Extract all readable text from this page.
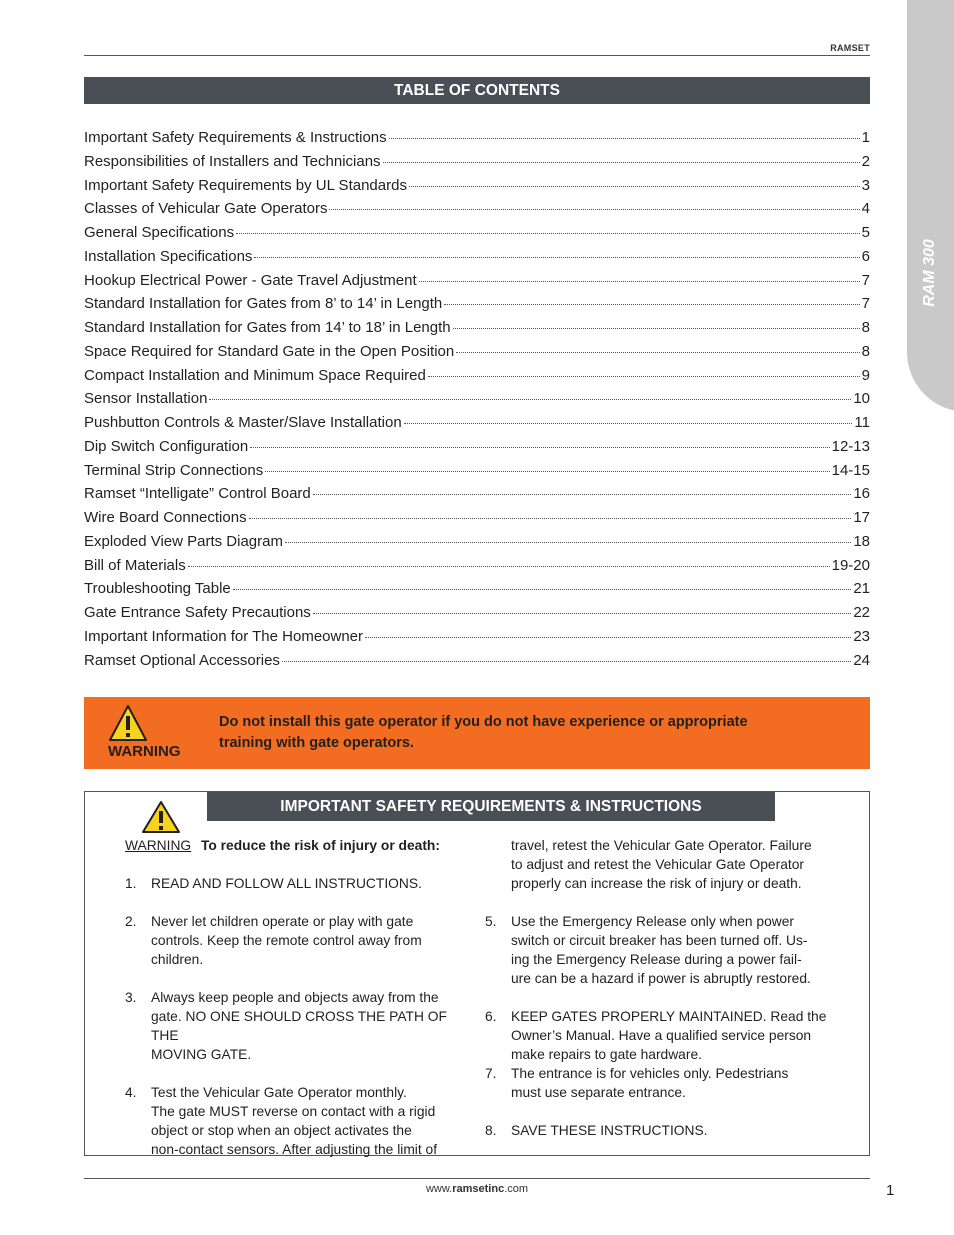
RAMSET
RAM 300
TABLE OF CONTENTS
Important Safety Requirements & Instructions	1
Responsibilities of Installers and Technicians	2
Important Safety Requirements by UL Standards	3
Classes of Vehicular Gate Operators	4
General Specifications	5
Installation Specifications	6
Hookup Electrical Power - Gate Travel Adjustment	7
Standard Installation for Gates from 8’ to 14’ in Length	7
Standard Installation for Gates from 14’ to 18’ in Length	8
Space Required for Standard Gate in the Open Position	8
Compact Installation and Minimum Space Required	9
Sensor Installation	10
Pushbutton Controls & Master/Slave Installation	11
Dip Switch Configuration	12-13
Terminal Strip Connections	14-15
Ramset “Intelligate” Control Board	16
Wire Board Connections	17
Exploded View Parts Diagram	18
Bill of Materials	19-20
Troubleshooting Table	21
Gate Entrance Safety Precautions	22
Important Information for The Homeowner	23
Ramset Optional Accessories	24
WARNING
Do not install this gate operator if you do not have experience or appropriate
training with gate operators.
IMPORTANT SAFETY REQUIREMENTS & INSTRUCTIONS
WARNING To reduce the risk of injury or death:
1.	READ AND FOLLOW ALL INSTRUCTIONS.
2.	Never let children operate or play with gate
controls. Keep the remote control away from
children.
3.	Always keep people and objects away from the
gate. NO ONE SHOULD CROSS THE PATH OF THE
MOVING GATE.
4.	Test the Vehicular Gate Operator monthly.
The gate MUST reverse on contact with a rigid
object or stop when an object activates the
non-contact sensors. After adjusting the limit of
travel, retest the Vehicular Gate Operator. Failure
to adjust and retest the Vehicular Gate Operator
properly can increase the risk of injury or death.
5.	Use the Emergency Release only when power
switch or circuit breaker has been turned off. Us-
ing the Emergency Release during a power fail-
ure can be a hazard if power is abruptly restored.
6.	KEEP GATES PROPERLY MAINTAINED. Read the
Owner’s Manual. Have a qualified service person
make repairs to gate hardware.
7.	The entrance is for vehicles only. Pedestrians
must use separate entrance.
8.	SAVE THESE INSTRUCTIONS.
www.ramsetinc.com	1
